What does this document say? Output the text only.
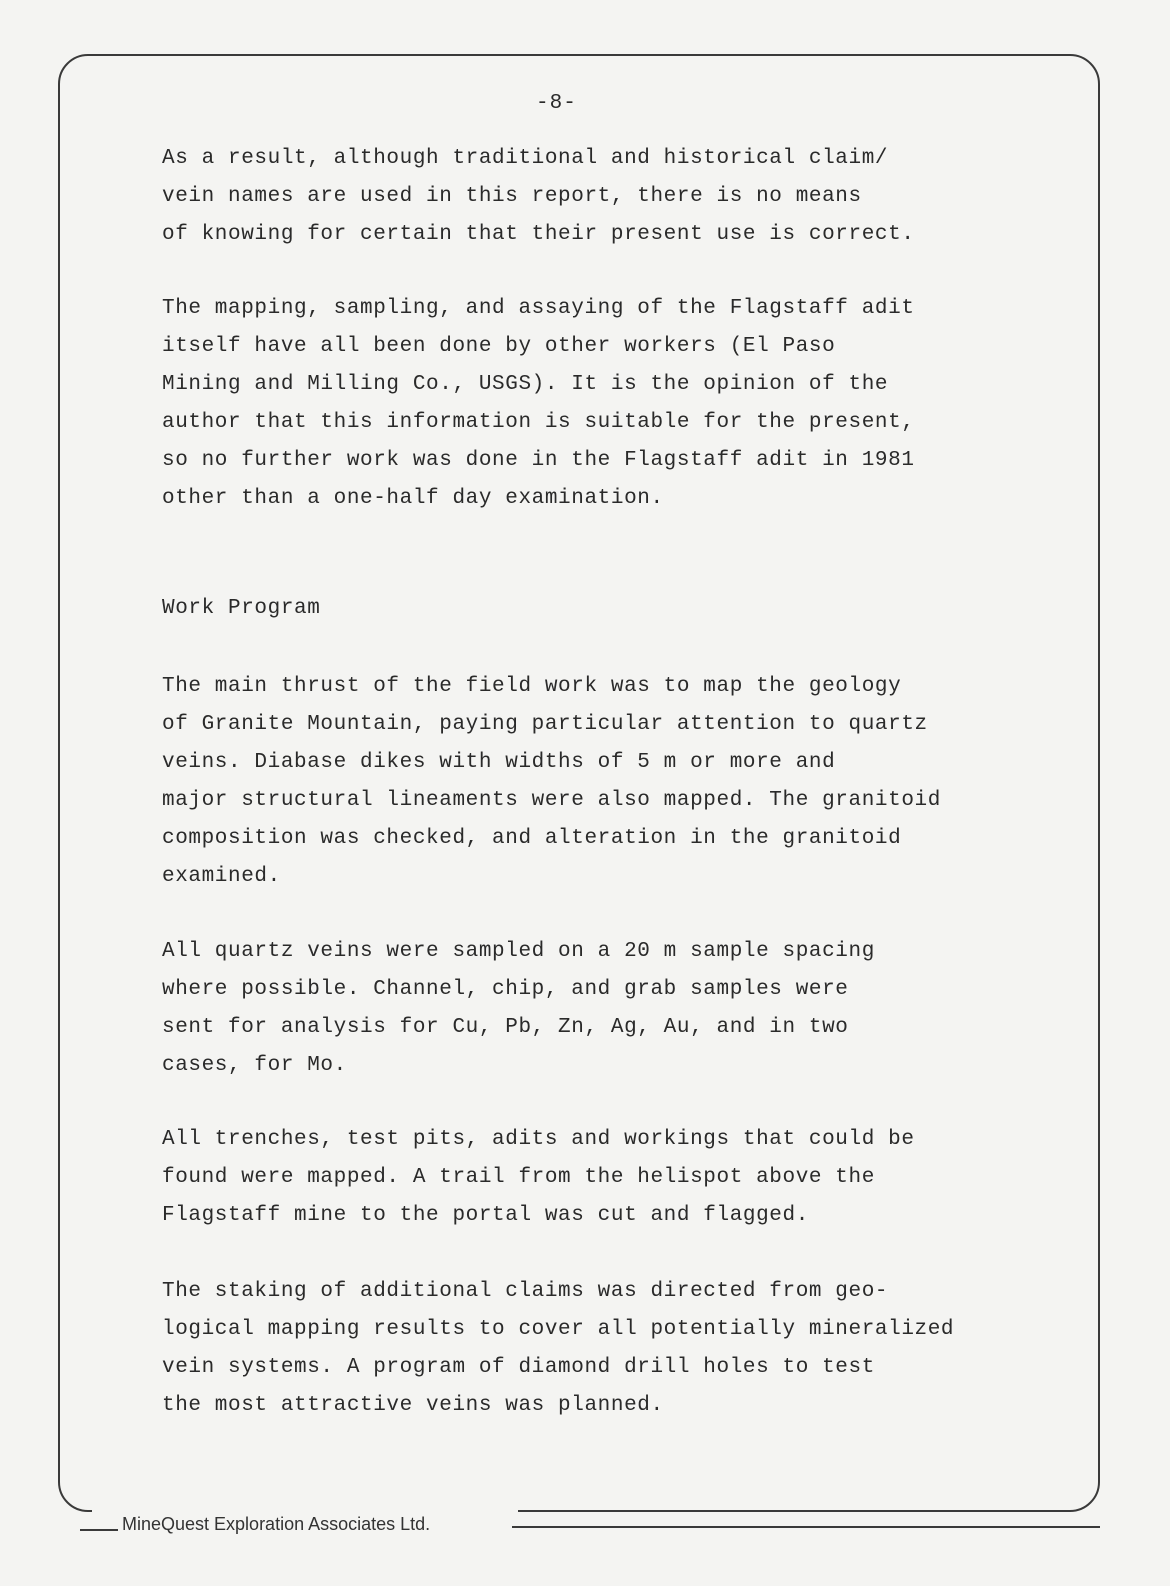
MineQuest Exploration Associates Ltd.
-8-
As a result, although traditional and historical claim/
vein names are used in this report, there is no means
of knowing for certain that their present use is correct.
The mapping, sampling, and assaying of the Flagstaff adit
itself have all been done by other workers (El Paso
Mining and Milling Co., USGS). It is the opinion of the
author that this information is suitable for the present,
so no further work was done in the Flagstaff adit in 1981
other than a one-half day examination.
Work Program
The main thrust of the field work was to map the geology
of Granite Mountain, paying particular attention to quartz
veins. Diabase dikes with widths of 5 m or more and
major structural lineaments were also mapped. The granitoid
composition was checked, and alteration in the granitoid
examined.
All quartz veins were sampled on a 20 m sample spacing
where possible. Channel, chip, and grab samples were
sent for analysis for Cu, Pb, Zn, Ag, Au, and in two
cases, for Mo.
All trenches, test pits, adits and workings that could be
found were mapped. A trail from the helispot above the
Flagstaff mine to the portal was cut and flagged.
The staking of additional claims was directed from geo-
logical mapping results to cover all potentially mineralized
vein systems. A program of diamond drill holes to test
the most attractive veins was planned.
